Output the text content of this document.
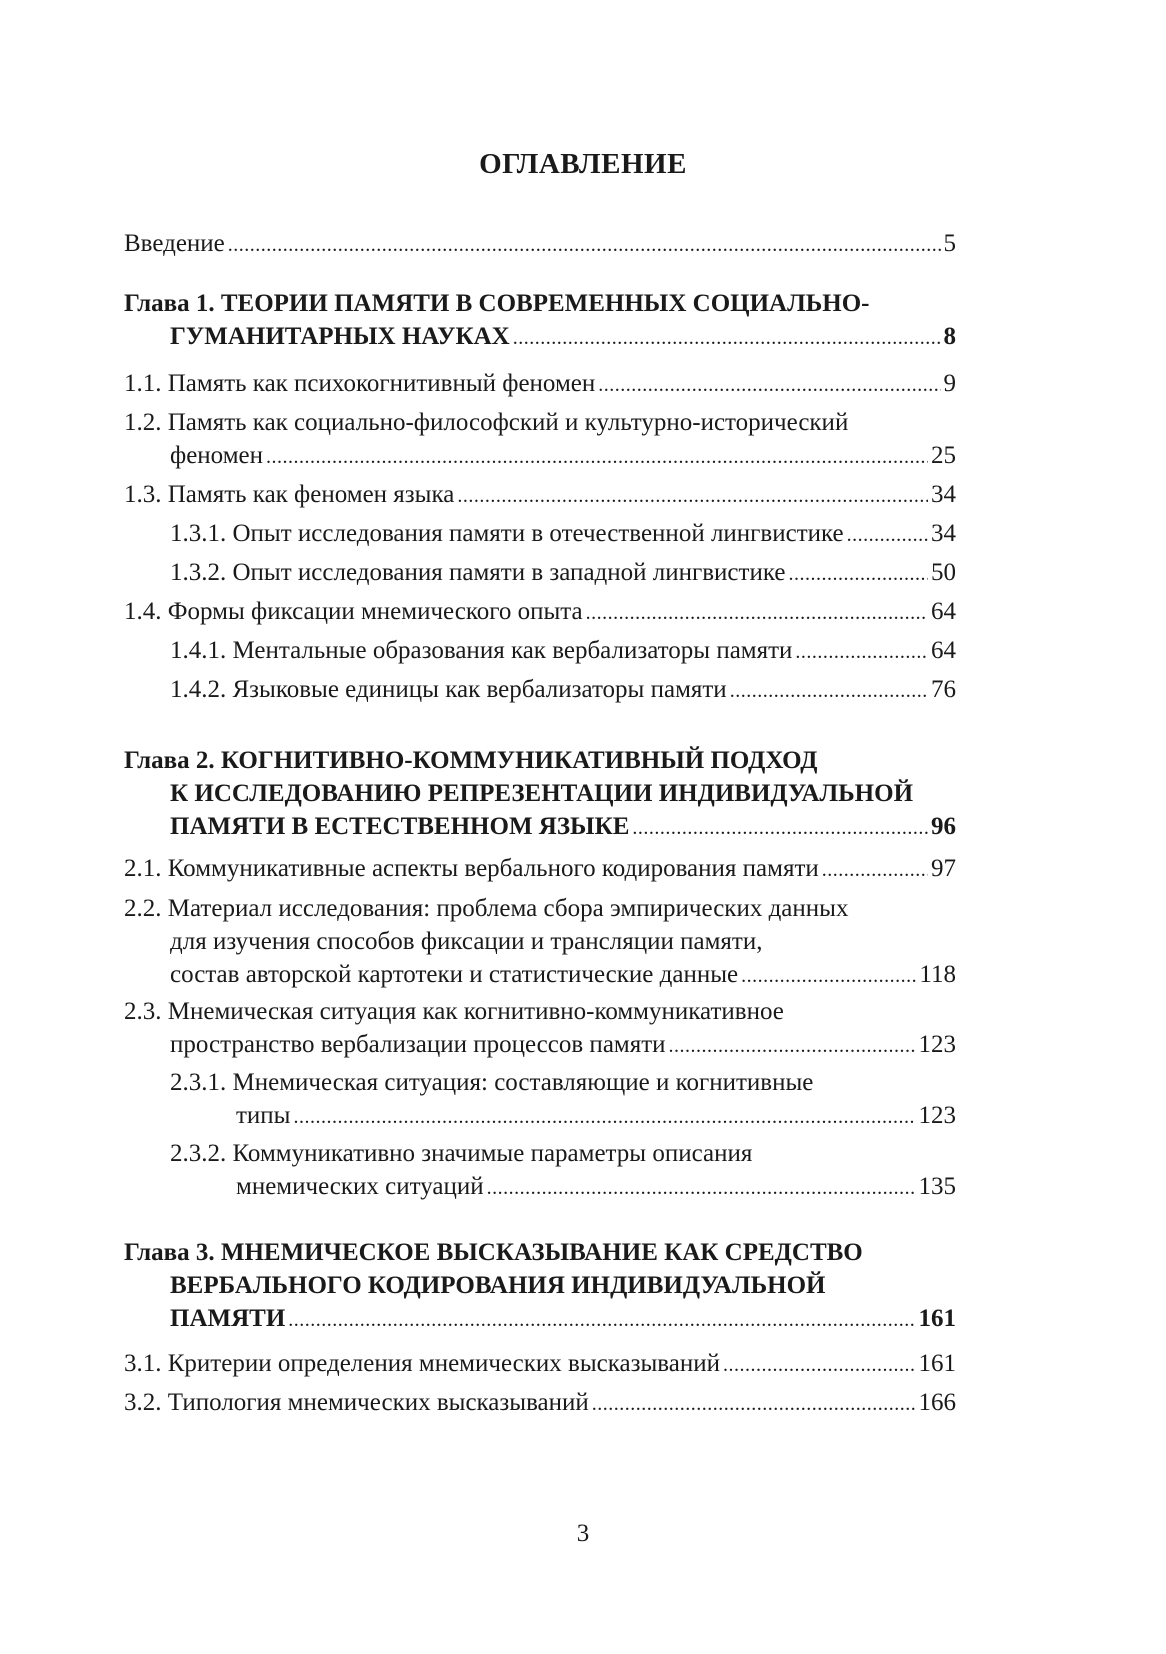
ОГЛАВЛЕНИЕ
Введение .....	5
Глава 1. ТЕОРИИ ПАМЯТИ В СОВРЕМЕННЫХ СОЦИАЛЬНО-
ГУМАНИТАРНЫХ НАУКАХ .....	8
1.1. Память как психокогнитивный феномен .....	9
1.2. Память как социально-философский и культурно-исторический
феномен .....	25
1.3. Память как феномен языка .....	34
1.3.1. Опыт исследования памяти в отечественной лингвистике .....	34
1.3.2. Опыт исследования памяти в западной лингвистике .....	50
1.4. Формы фиксации мнемического опыта .....	64
1.4.1. Ментальные образования как вербализаторы памяти .....	64
1.4.2. Языковые единицы как вербализаторы памяти .....	76
Глава 2. КОГНИТИВНО-КОММУНИКАТИВНЫЙ ПОДХОД
К ИССЛЕДОВАНИЮ РЕПРЕЗЕНТАЦИИ ИНДИВИДУАЛЬНОЙ
ПАМЯТИ В ЕСТЕСТВЕННОМ ЯЗЫКЕ .....	96
2.1. Коммуникативные аспекты вербального кодирования памяти .....	97
2.2. Материал исследования: проблема сбора эмпирических данных
для изучения способов фиксации и трансляции памяти,
состав авторской картотеки и статистические данные .....	118
2.3. Мнемическая ситуация как когнитивно-коммуникативное
пространство вербализации процессов памяти .....	123
2.3.1. Мнемическая ситуация: составляющие и когнитивные
типы .....	123
2.3.2. Коммуникативно значимые параметры описания
мнемических ситуаций .....	135
Глава 3. МНЕМИЧЕСКОЕ ВЫСКАЗЫВАНИЕ КАК СРЕДСТВО
ВЕРБАЛЬНОГО КОДИРОВАНИЯ ИНДИВИДУАЛЬНОЙ
ПАМЯТИ .....	161
3.1. Критерии определения мнемических высказываний .....	161
3.2. Типология мнемических высказываний .....	166
3
